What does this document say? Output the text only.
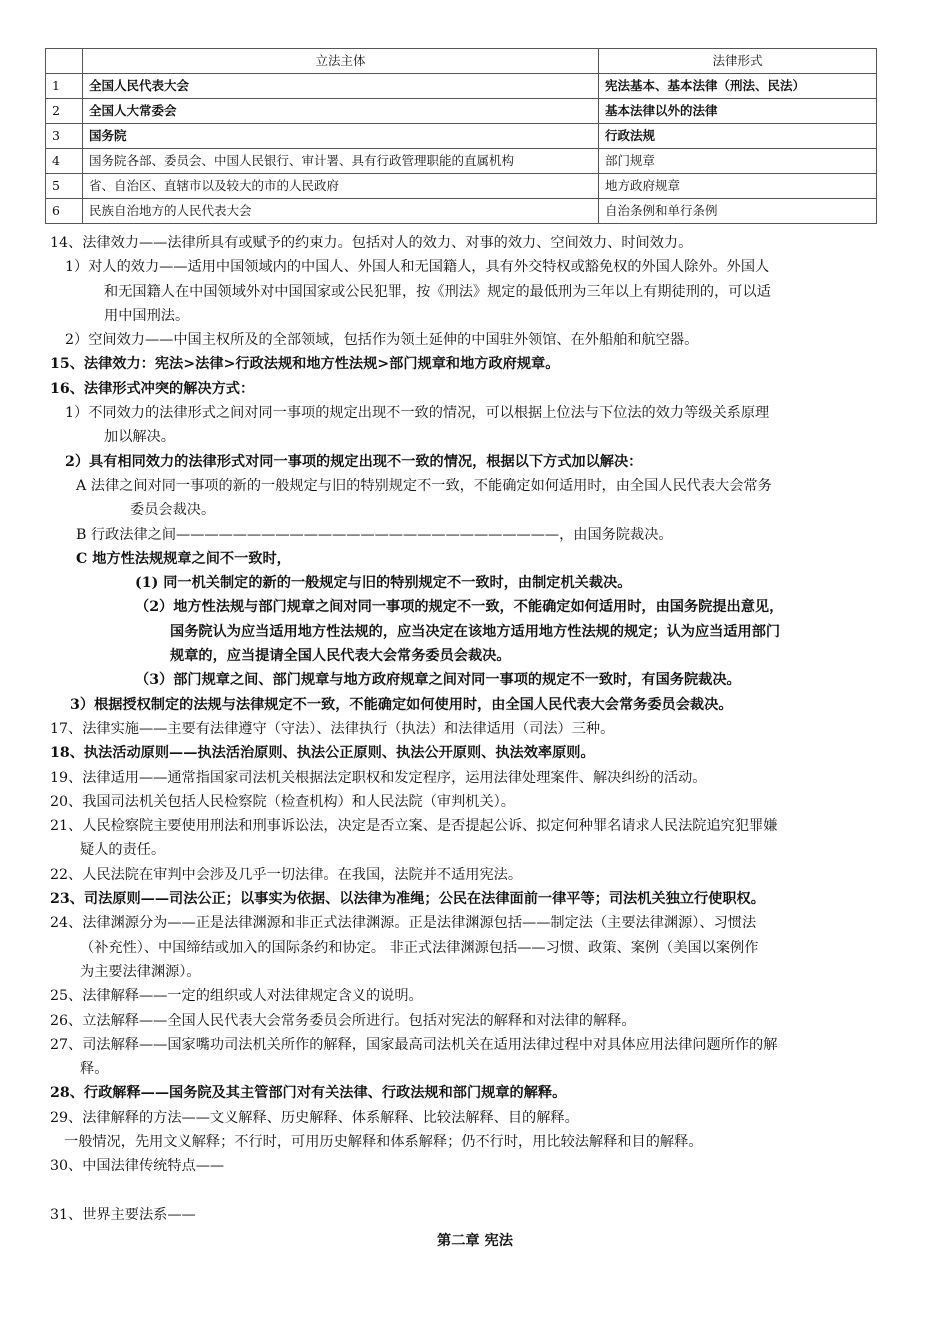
	立法主体	法律形式
1	全国人民代表大会	宪法基本、基本法律（刑法、民法）
2	全国人大常委会	基本法律以外的法律
3	国务院	行政法规
4	国务院各部、委员会、中国人民银行、审计署、具有行政管理职能的直属机构	部门规章
5	省、自治区、直辖市以及较大的市的人民政府	地方政府规章
6	民族自治地方的人民代表大会	自治条例和单行条例
14、法律效力——法律所具有或赋予的约束力。包括对人的效力、对事的效力、空间效力、时间效力。
1）对人的效力——适用中国领域内的中国人、外国人和无国籍人，具有外交特权或豁免权的外国人除外。外国人
和无国籍人在中国领域外对中国国家或公民犯罪，按《刑法》规定的最低刑为三年以上有期徒刑的，可以适
用中国刑法。
2）空间效力——中国主权所及的全部领域，包括作为领土延伸的中国驻外领馆、在外船舶和航空器。
15、法律效力：宪法>法律>行政法规和地方性法规>部门规章和地方政府规章。
16、法律形式冲突的解决方式：
1）不同效力的法律形式之间对同一事项的规定出现不一致的情况，可以根据上位法与下位法的效力等级关系原理
加以解决。
2）具有相同效力的法律形式对同一事项的规定出现不一致的情况，根据以下方式加以解决：
A 法律之间对同一事项的新的一般规定与旧的特别规定不一致，不能确定如何适用时，由全国人民代表大会常务
委员会裁决。
B 行政法律之间———————————————————————————，由国务院裁决。
C 地方性法规规章之间不一致时，
(1) 同一机关制定的新的一般规定与旧的特别规定不一致时，由制定机关裁决。
（2）地方性法规与部门规章之间对同一事项的规定不一致，不能确定如何适用时，由国务院提出意见，
国务院认为应当适用地方性法规的，应当决定在该地方适用地方性法规的规定；认为应当适用部门
规章的，应当提请全国人民代表大会常务委员会裁决。
（3）部门规章之间、部门规章与地方政府规章之间对同一事项的规定不一致时，有国务院裁决。
3）根据授权制定的法规与法律规定不一致，不能确定如何使用时，由全国人民代表大会常务委员会裁决。
17、法律实施——主要有法律遵守（守法）、法律执行（执法）和法律适用（司法）三种。
18、执法活动原则——执法活治原则、执法公正原则、执法公开原则、执法效率原则。
19、法律适用——通常指国家司法机关根据法定职权和发定程序，运用法律处理案件、解决纠纷的活动。
20、我国司法机关包括人民检察院（检查机构）和人民法院（审判机关）。
21、人民检察院主要使用刑法和刑事诉讼法，决定是否立案、是否提起公诉、拟定何种罪名请求人民法院追究犯罪嫌
疑人的责任。
22、人民法院在审判中会涉及几乎一切法律。在我国，法院并不适用宪法。
23、司法原则——司法公正；以事实为依据、以法律为准绳；公民在法律面前一律平等；司法机关独立行使职权。
24、法律渊源分为——正是法律渊源和非正式法律渊源。正是法律渊源包括——制定法（主要法律渊源）、习惯法
（补充性）、中国缔结或加入的国际条约和协定。 非正式法律渊源包括——习惯、政策、案例（美国以案例作
为主要法律渊源）。
25、法律解释——一定的组织或人对法律规定含义的说明。
26、立法解释——全国人民代表大会常务委员会所进行。包括对宪法的解释和对法律的解释。
27、司法解释——国家嘴功司法机关所作的解释，国家最高司法机关在适用法律过程中对具体应用法律问题所作的解
释。
28、行政解释——国务院及其主管部门对有关法律、行政法规和部门规章的解释。
29、法律解释的方法——文义解释、历史解释、体系解释、比较法解释、目的解释。
一般情况，先用文义解释；不行时，可用历史解释和体系解释；仍不行时，用比较法解释和目的解释。
30、中国法律传统特点——

31、世界主要法系——
第二章 宪法
